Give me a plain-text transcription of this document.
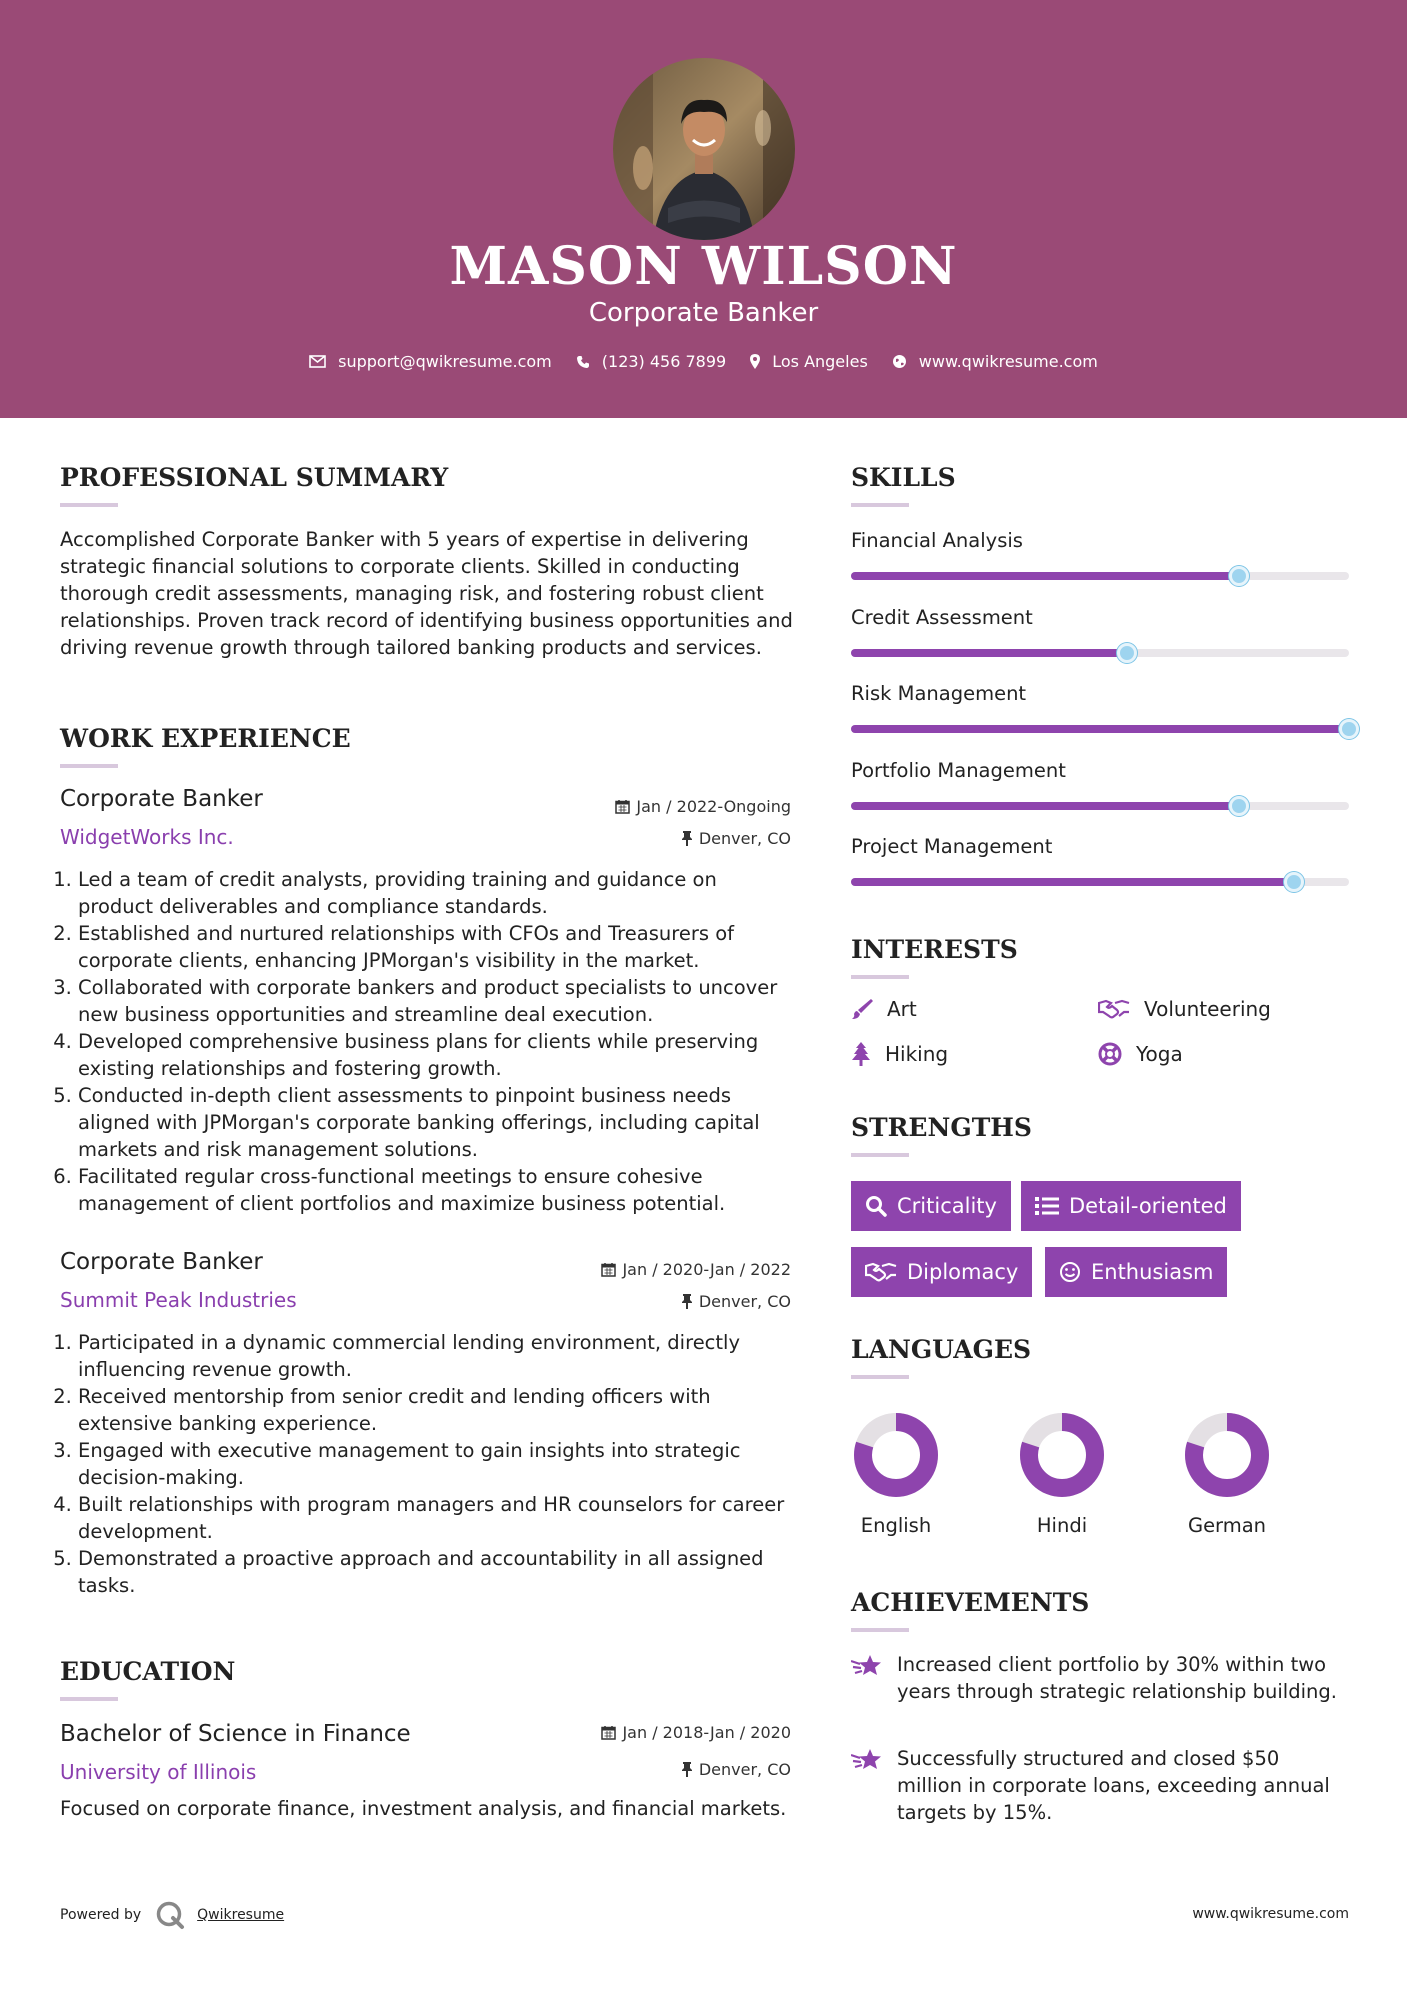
MASON WILSON
Corporate Banker
support@qwikresume.com	(123) 456 7899	Los Angeles	www.qwikresume.com
PROFESSIONAL SUMMARY
Accomplished Corporate Banker with 5 years of expertise in delivering strategic financial solutions to corporate clients. Skilled in conducting thorough credit assessments, managing risk, and fostering robust client relationships. Proven track record of identifying business opportunities and driving revenue growth through tailored banking products and services.
WORK EXPERIENCE
Corporate Banker	Jan / 2022-Ongoing
WidgetWorks Inc.	Denver, CO
1. Led a team of credit analysts, providing training and guidance on product deliverables and compliance standards.
2. Established and nurtured relationships with CFOs and Treasurers of corporate clients, enhancing JPMorgan's visibility in the market.
3. Collaborated with corporate bankers and product specialists to uncover new business opportunities and streamline deal execution.
4. Developed comprehensive business plans for clients while preserving existing relationships and fostering growth.
5. Conducted in-depth client assessments to pinpoint business needs aligned with JPMorgan's corporate banking offerings, including capital markets and risk management solutions.
6. Facilitated regular cross-functional meetings to ensure cohesive management of client portfolios and maximize business potential.
Corporate Banker	Jan / 2020-Jan / 2022
Summit Peak Industries	Denver, CO
1. Participated in a dynamic commercial lending environment, directly influencing revenue growth.
2. Received mentorship from senior credit and lending officers with extensive banking experience.
3. Engaged with executive management to gain insights into strategic decision-making.
4. Built relationships with program managers and HR counselors for career development.
5. Demonstrated a proactive approach and accountability in all assigned tasks.
EDUCATION
Bachelor of Science in Finance	Jan / 2018-Jan / 2020
University of Illinois	Denver, CO
Focused on corporate finance, investment analysis, and financial markets.
SKILLS
Financial Analysis
Credit Assessment
Risk Management
Portfolio Management
Project Management
INTERESTS
Art	Volunteering
Hiking	Yoga
STRENGTHS
Criticality	Detail-oriented
Diplomacy	Enthusiasm
LANGUAGES
English	Hindi	German
ACHIEVEMENTS
Increased client portfolio by 30% within two years through strategic relationship building.
Successfully structured and closed $50 million in corporate loans, exceeding annual targets by 15%.
Powered by	Qwikresume	www.qwikresume.com
